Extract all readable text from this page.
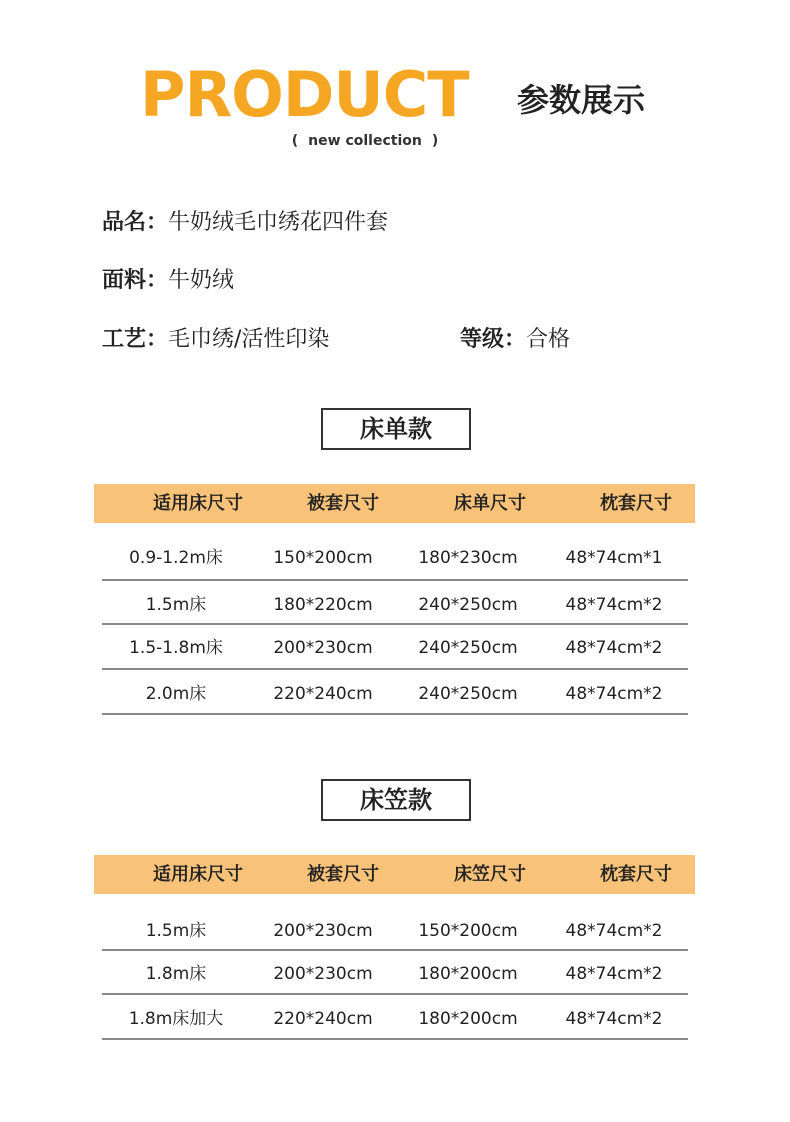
PRODUCT 参数展示
( new collection )
品名：牛奶绒毛巾绣花四件套
面料：牛奶绒
工艺：毛巾绣/活性印染	等级：合格
床单款
适用床尺寸	被套尺寸	床单尺寸	枕套尺寸
0.9-1.2m床	150*200cm	180*230cm	48*74cm*1
1.5m床	180*220cm	240*250cm	48*74cm*2
1.5-1.8m床	200*230cm	240*250cm	48*74cm*2
2.0m床	220*240cm	240*250cm	48*74cm*2
床笠款
适用床尺寸	被套尺寸	床笠尺寸	枕套尺寸
1.5m床	200*230cm	150*200cm	48*74cm*2
1.8m床	200*230cm	180*200cm	48*74cm*2
1.8m床加大	220*240cm	180*200cm	48*74cm*2
